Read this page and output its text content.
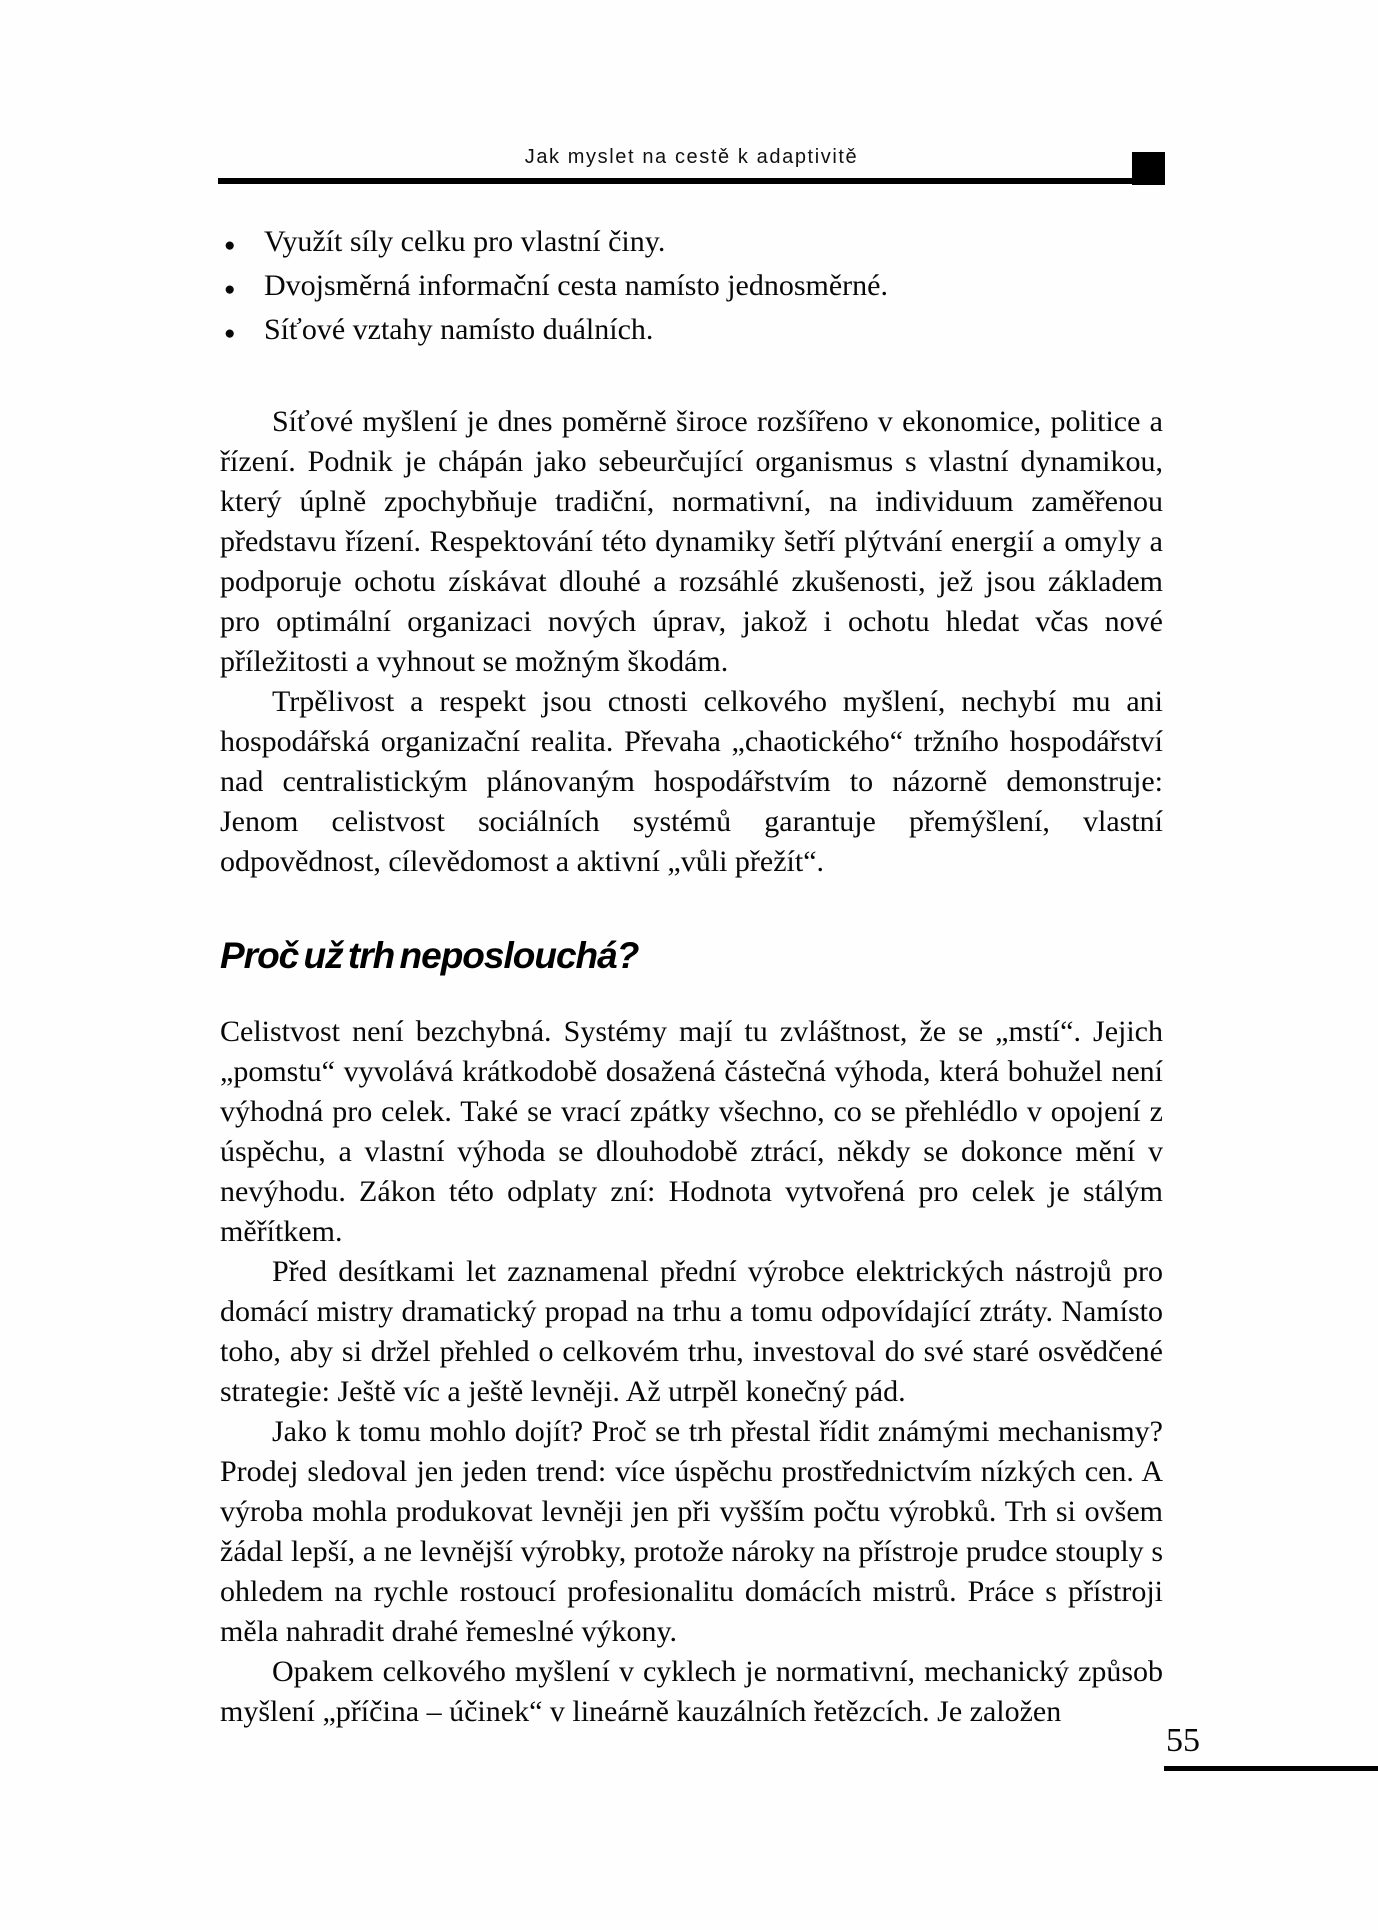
Jak myslet na cestě k adaptivitě
● Využít síly celku pro vlastní činy.
● Dvojsměrná informační cesta namísto jednosměrné.
● Síťové vztahy namísto duálních.

Síťové myšlení je dnes poměrně široce rozšířeno v ekonomice, politice a řízení. Podnik je chápán jako sebeurčující organismus s vlastní dynamikou, který úplně zpochybňuje tradiční, normativní, na individuum zaměřenou představu řízení. Respektování této dynamiky šetří plýtvání energií a omyly a podporuje ochotu získávat dlouhé a rozsáhlé zkušenosti, jež jsou základem pro optimální organizaci nových úprav, jakož i ochotu hledat včas nové příležitosti a vyhnout se možným škodám.

Trpělivost a respekt jsou ctnosti celkového myšlení, nechybí mu ani hospodářská organizační realita. Převaha „chaotického“ tržního hospodářství nad centralistickým plánovaným hospodářstvím to názorně demonstruje: Jenom celistvost sociálních systémů garantuje přemýšlení, vlastní odpovědnost, cílevědomost a aktivní „vůli přežít“.

Proč už trh neposlouchá?

Celistvost není bezchybná. Systémy mají tu zvláštnost, že se „mstí“. Jejich „pomstu“ vyvolává krátkodobě dosažená částečná výhoda, která bohužel není výhodná pro celek. Také se vrací zpátky všechno, co se přehlédlo v opojení z úspěchu, a vlastní výhoda se dlouhodobě ztrácí, někdy se dokonce mění v nevýhodu. Zákon této odplaty zní: Hodnota vytvořená pro celek je stálým měřítkem.

Před desítkami let zaznamenal přední výrobce elektrických nástrojů pro domácí mistry dramatický propad na trhu a tomu odpovídající ztráty. Namísto toho, aby si držel přehled o celkovém trhu, investoval do své staré osvědčené strategie: Ještě víc a ještě levněji. Až utrpěl konečný pád.

Jako k tomu mohlo dojít? Proč se trh přestal řídit známými mechanismy? Prodej sledoval jen jeden trend: více úspěchu prostřednictvím nízkých cen. A výroba mohla produkovat levněji jen při vyšším počtu výrobků. Trh si ovšem žádal lepší, a ne levnější výrobky, protože nároky na přístroje prudce stouply s ohledem na rychle rostoucí profesionalitu domácích mistrů. Práce s přístroji měla nahradit drahé řemeslné výkony.

Opakem celkového myšlení v cyklech je normativní, mechanický způsob myšlení „příčina – účinek“ v lineárně kauzálních řetězcích. Je založen

55
